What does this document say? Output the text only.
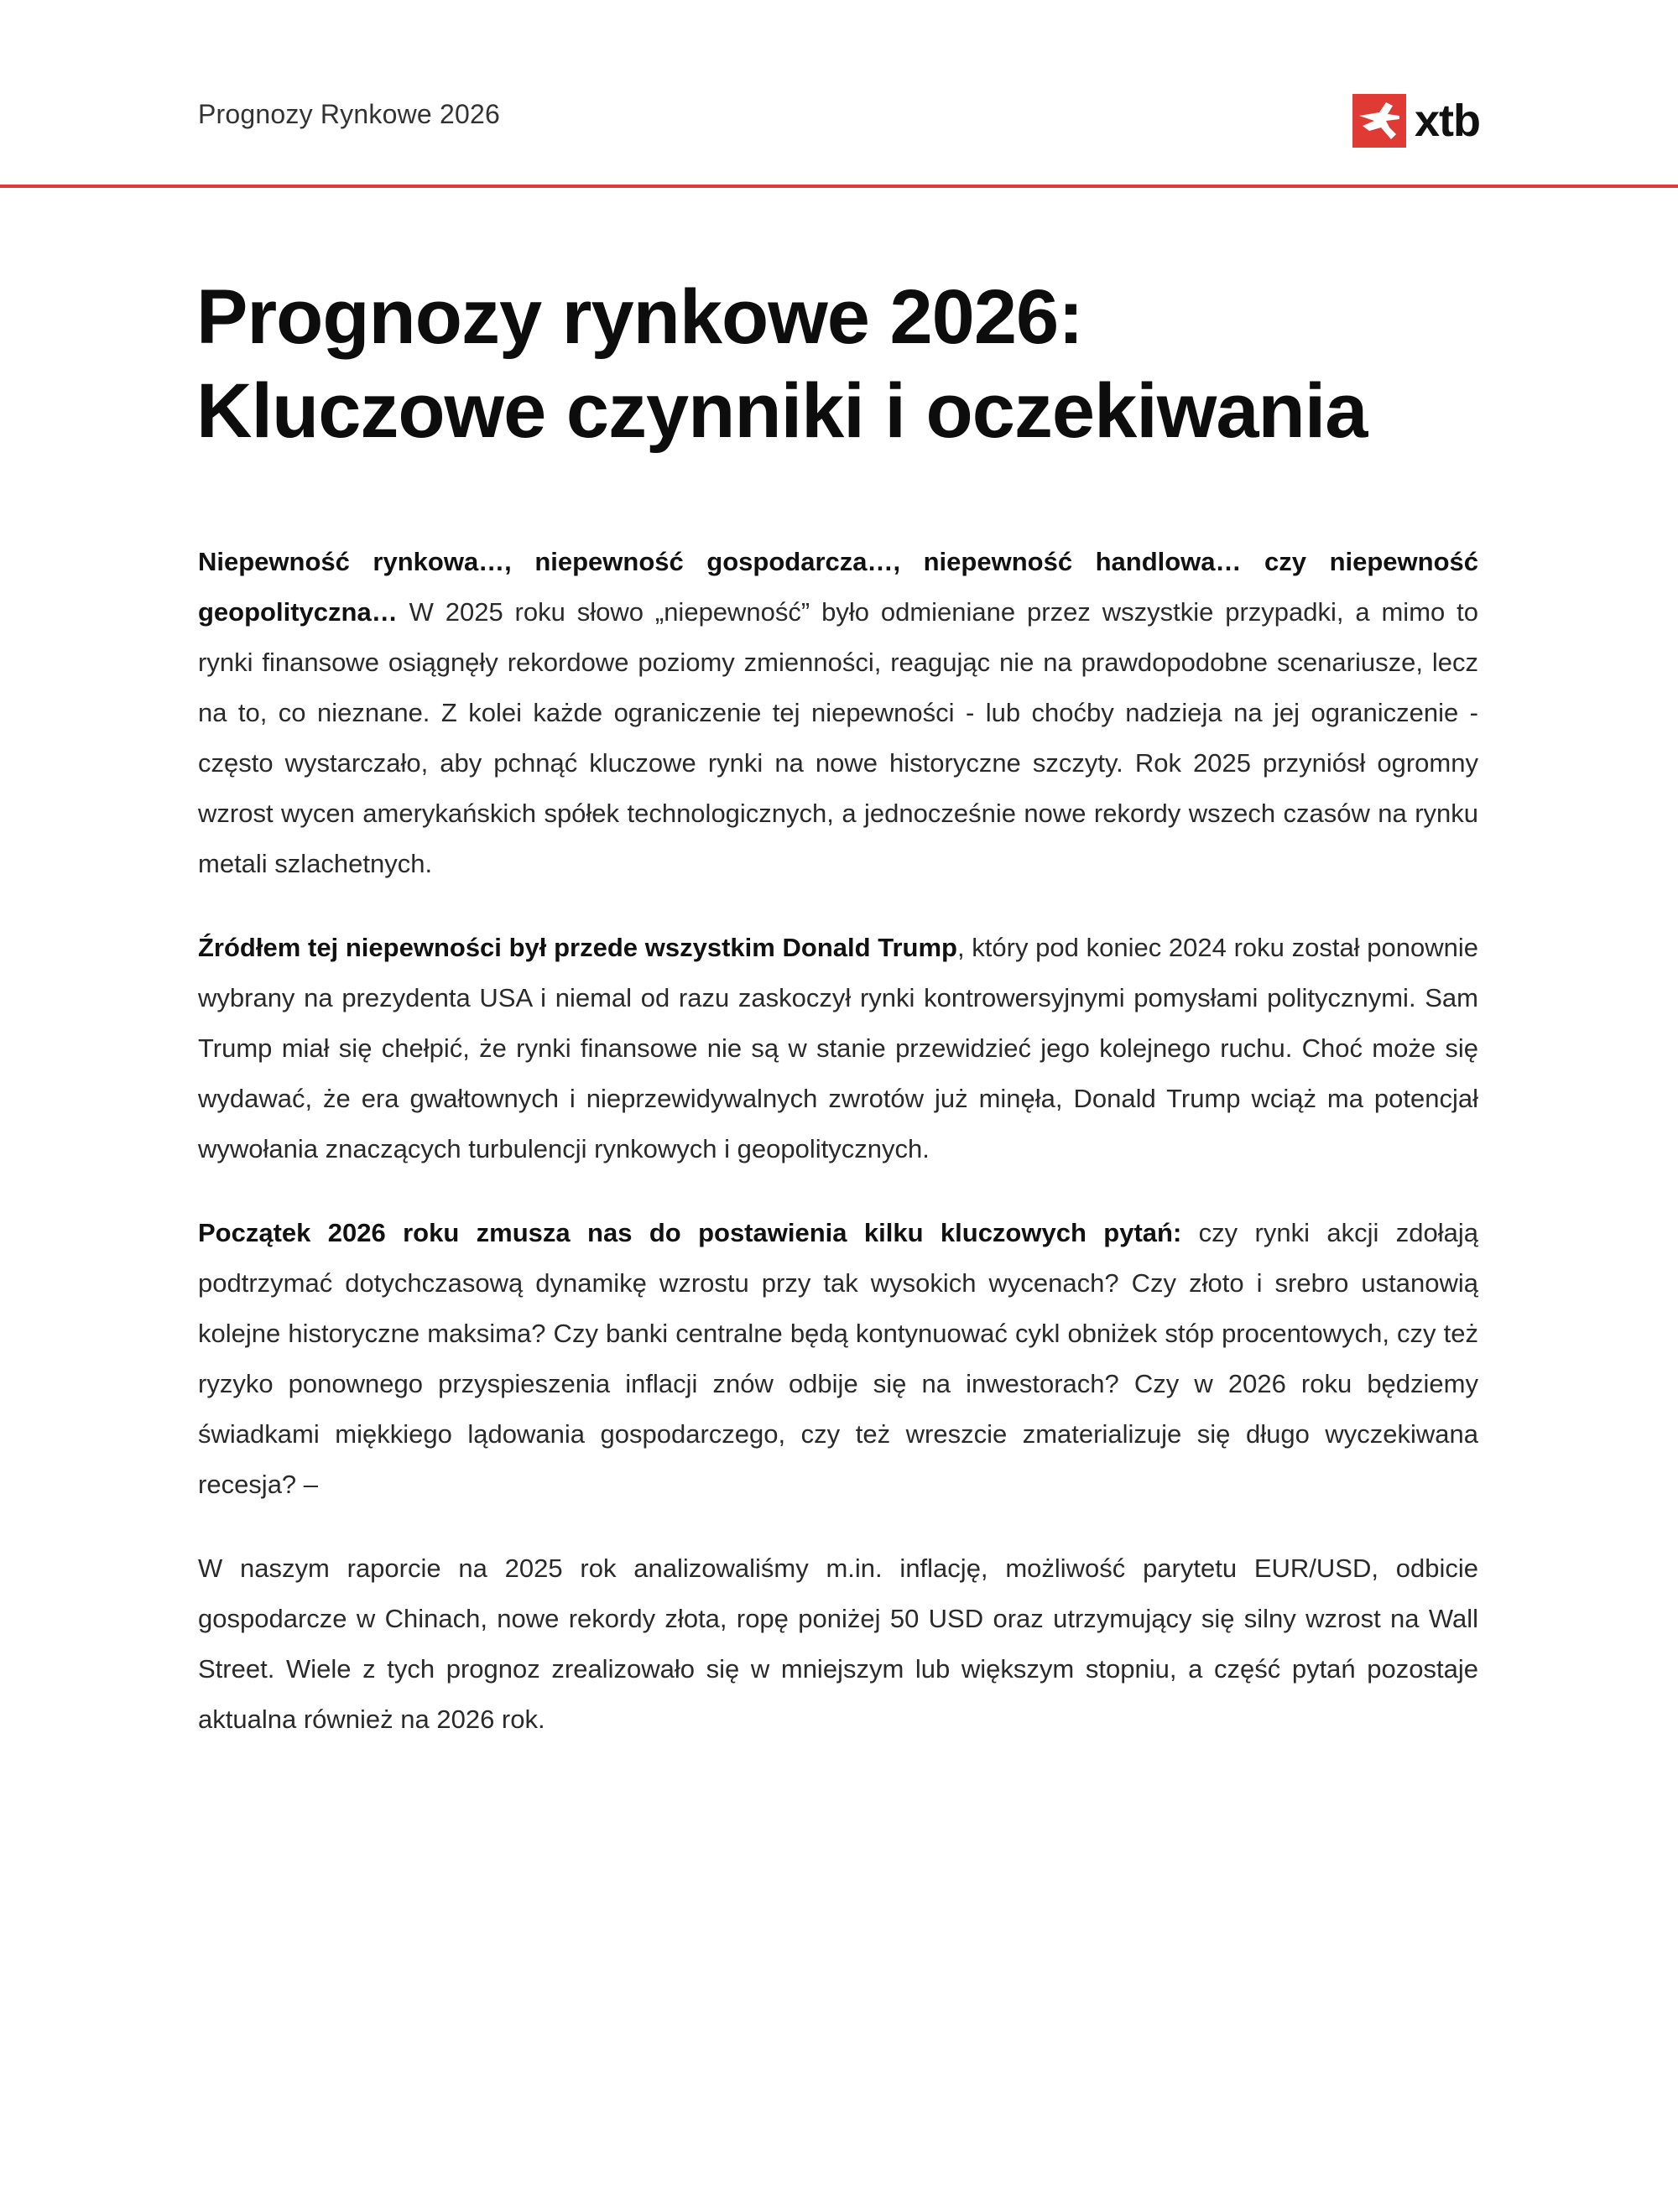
Prognozy Rynkowe 2026	xtb
Prognozy rynkowe 2026:
Kluczowe czynniki i oczekiwania

Niepewność rynkowa…, niepewność gospodarcza…, niepewność handlowa… czy niepewność geopolityczna… W 2025 roku słowo „niepewność” było odmieniane przez wszystkie przypadki, a mimo to rynki finansowe osiągnęły rekordowe poziomy zmienności, reagując nie na prawdopodobne scenariusze, lecz na to, co nieznane. Z kolei każde ograniczenie tej niepewności - lub choćby nadzieja na jej ograniczenie - często wystarczało, aby pchnąć kluczowe rynki na nowe historyczne szczyty. Rok 2025 przyniósł ogromny wzrost wycen amerykańskich spółek technologicznych, a jednocześnie nowe rekordy wszech czasów na rynku metali szlachetnych.

Źródłem tej niepewności był przede wszystkim Donald Trump, który pod koniec 2024 roku został ponownie wybrany na prezydenta USA i niemal od razu zaskoczył rynki kontrowersyjnymi pomysłami politycznymi. Sam Trump miał się chełpić, że rynki finansowe nie są w stanie przewidzieć jego kolejnego ruchu. Choć może się wydawać, że era gwałtownych i nieprzewidywalnych zwrotów już minęła, Donald Trump wciąż ma potencjał wywołania znaczących turbulencji rynkowych i geopolitycznych.

Początek 2026 roku zmusza nas do postawienia kilku kluczowych pytań: czy rynki akcji zdołają podtrzymać dotychczasową dynamikę wzrostu przy tak wysokich wycenach? Czy złoto i srebro ustanowią kolejne historyczne maksima? Czy banki centralne będą kontynuować cykl obniżek stóp procentowych, czy też ryzyko ponownego przyspieszenia inflacji znów odbije się na inwestorach? Czy w 2026 roku będziemy świadkami miękkiego lądowania gospodarczego, czy też wreszcie zmaterializuje się długo wyczekiwana recesja? –

W naszym raporcie na 2025 rok analizowaliśmy m.in. inflację, możliwość parytetu EUR/USD, odbicie gospodarcze w Chinach, nowe rekordy złota, ropę poniżej 50 USD oraz utrzymujący się silny wzrost na Wall Street. Wiele z tych prognoz zrealizowało się w mniejszym lub większym stopniu, a część pytań pozostaje aktualna również na 2026 rok.
